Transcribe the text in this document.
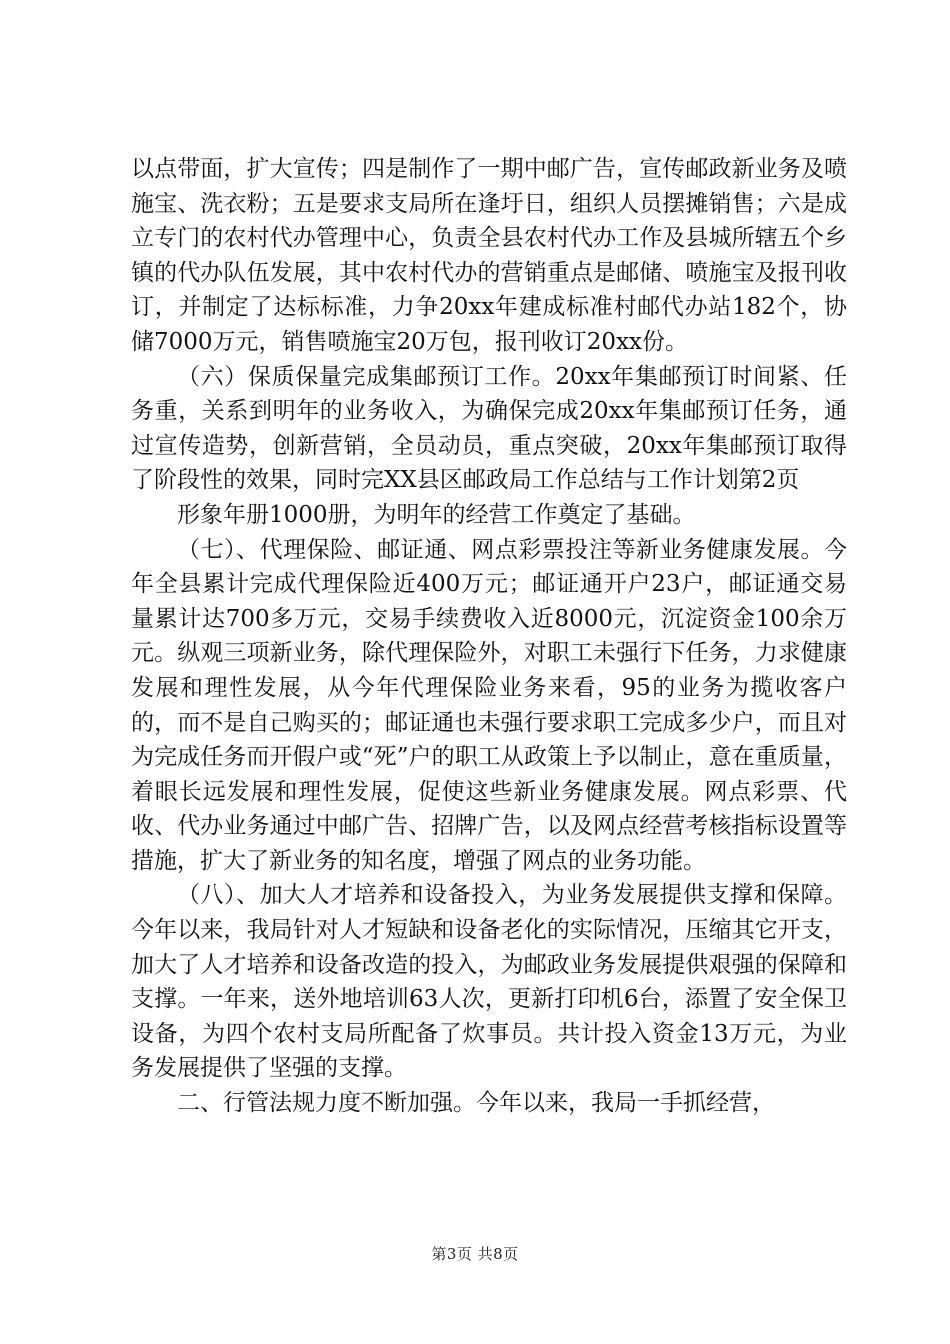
以点带面，扩大宣传；四是制作了一期中邮广告，宣传邮政新业务及喷施宝、洗衣粉；五是要求支局所在逢圩日，组织人员摆摊销售；六是成立专门的农村代办管理中心，负责全县农村代办工作及县城所辖五个乡镇的代办队伍发展，其中农村代办的营销重点是邮储、喷施宝及报刊收订，并制定了达标标准，力争20xx年建成标准村邮代办站182个，协储7000万元，销售喷施宝20万包，报刊收订20xx份。

（六）保质保量完成集邮预订工作。20xx年集邮预订时间紧、任务重，关系到明年的业务收入，为确保完成20xx年集邮预订任务，通过宣传造势，创新营销，全员动员，重点突破，20xx年集邮预订取得了阶段性的效果，同时完XX县区邮政局工作总结与工作计划第2页

形象年册1000册，为明年的经营工作奠定了基础。

（七）、代理保险、邮证通、网点彩票投注等新业务健康发展。今年全县累计完成代理保险近400万元；邮证通开户23户，邮证通交易量累计达700多万元，交易手续费收入近8000元，沉淀资金100余万元。纵观三项新业务，除代理保险外，对职工未强行下任务，力求健康发展和理性发展，从今年代理保险业务来看，95的业务为揽收客户的，而不是自己购买的；邮证通也未强行要求职工完成多少户，而且对为完成任务而开假户或“死”户的职工从政策上予以制止，意在重质量，着眼长远发展和理性发展，促使这些新业务健康发展。网点彩票、代收、代办业务通过中邮广告、招牌广告，以及网点经营考核指标设置等措施，扩大了新业务的知名度，增强了网点的业务功能。

（八）、加大人才培养和设备投入，为业务发展提供支撑和保障。今年以来，我局针对人才短缺和设备老化的实际情况，压缩其它开支，加大了人才培养和设备改造的投入，为邮政业务发展提供艰强的保障和支撑。一年来，送外地培训63人次，更新打印机6台，添置了安全保卫设备，为四个农村支局所配备了炊事员。共计投入资金13万元，为业务发展提供了坚强的支撑。

二、行管法规力度不断加强。今年以来，我局一手抓经营，

第3页 共8页
